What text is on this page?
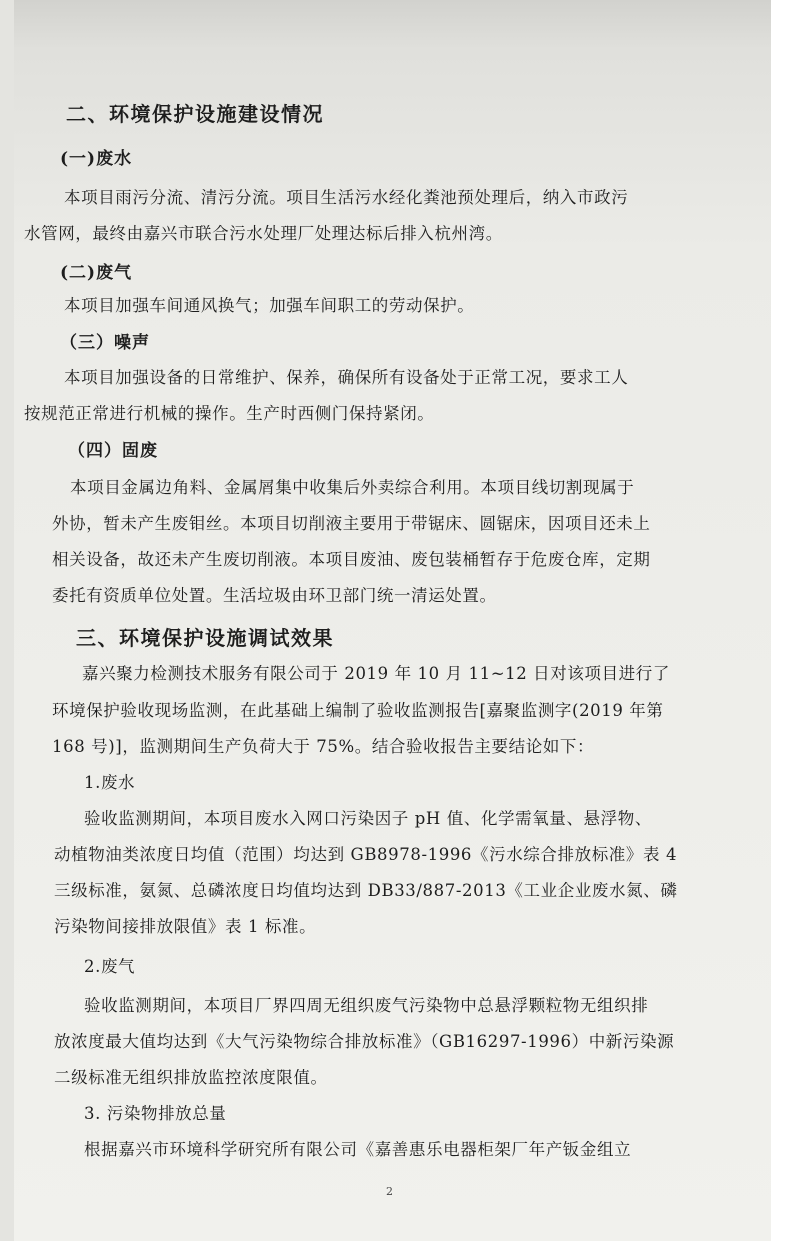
二、环境保护设施建设情况
(一)废水
本项目雨污分流、清污分流。项目生活污水经化粪池预处理后，纳入市政污
水管网，最终由嘉兴市联合污水处理厂处理达标后排入杭州湾。
(二)废气
本项目加强车间通风换气；加强车间职工的劳动保护。
（三）噪声
本项目加强设备的日常维护、保养，确保所有设备处于正常工况，要求工人
按规范正常进行机械的操作。生产时西侧门保持紧闭。
（四）固废
本项目金属边角料、金属屑集中收集后外卖综合利用。本项目线切割现属于
外协，暂未产生废钼丝。本项目切削液主要用于带锯床、圆锯床，因项目还未上
相关设备，故还未产生废切削液。本项目废油、废包装桶暂存于危废仓库，定期
委托有资质单位处置。生活垃圾由环卫部门统一清运处置。
三、环境保护设施调试效果
嘉兴聚力检测技术服务有限公司于 2019 年 10 月 11~12 日对该项目进行了
环境保护验收现场监测，在此基础上编制了验收监测报告[嘉聚监测字(2019 年第
168 号)]，监测期间生产负荷大于 75%。结合验收报告主要结论如下：
1.废水
验收监测期间，本项目废水入网口污染因子 pH 值、化学需氧量、悬浮物、
动植物油类浓度日均值（范围）均达到 GB8978-1996《污水综合排放标准》表 4
三级标准，氨氮、总磷浓度日均值均达到 DB33/887-2013《工业企业废水氮、磷
污染物间接排放限值》表 1 标准。
2.废气
验收监测期间，本项目厂界四周无组织废气污染物中总悬浮颗粒物无组织排
放浓度最大值均达到《大气污染物综合排放标准》（GB16297-1996）中新污染源
二级标准无组织排放监控浓度限值。
3. 污染物排放总量
根据嘉兴市环境科学研究所有限公司《嘉善惠乐电器柜架厂年产钣金组立
2
